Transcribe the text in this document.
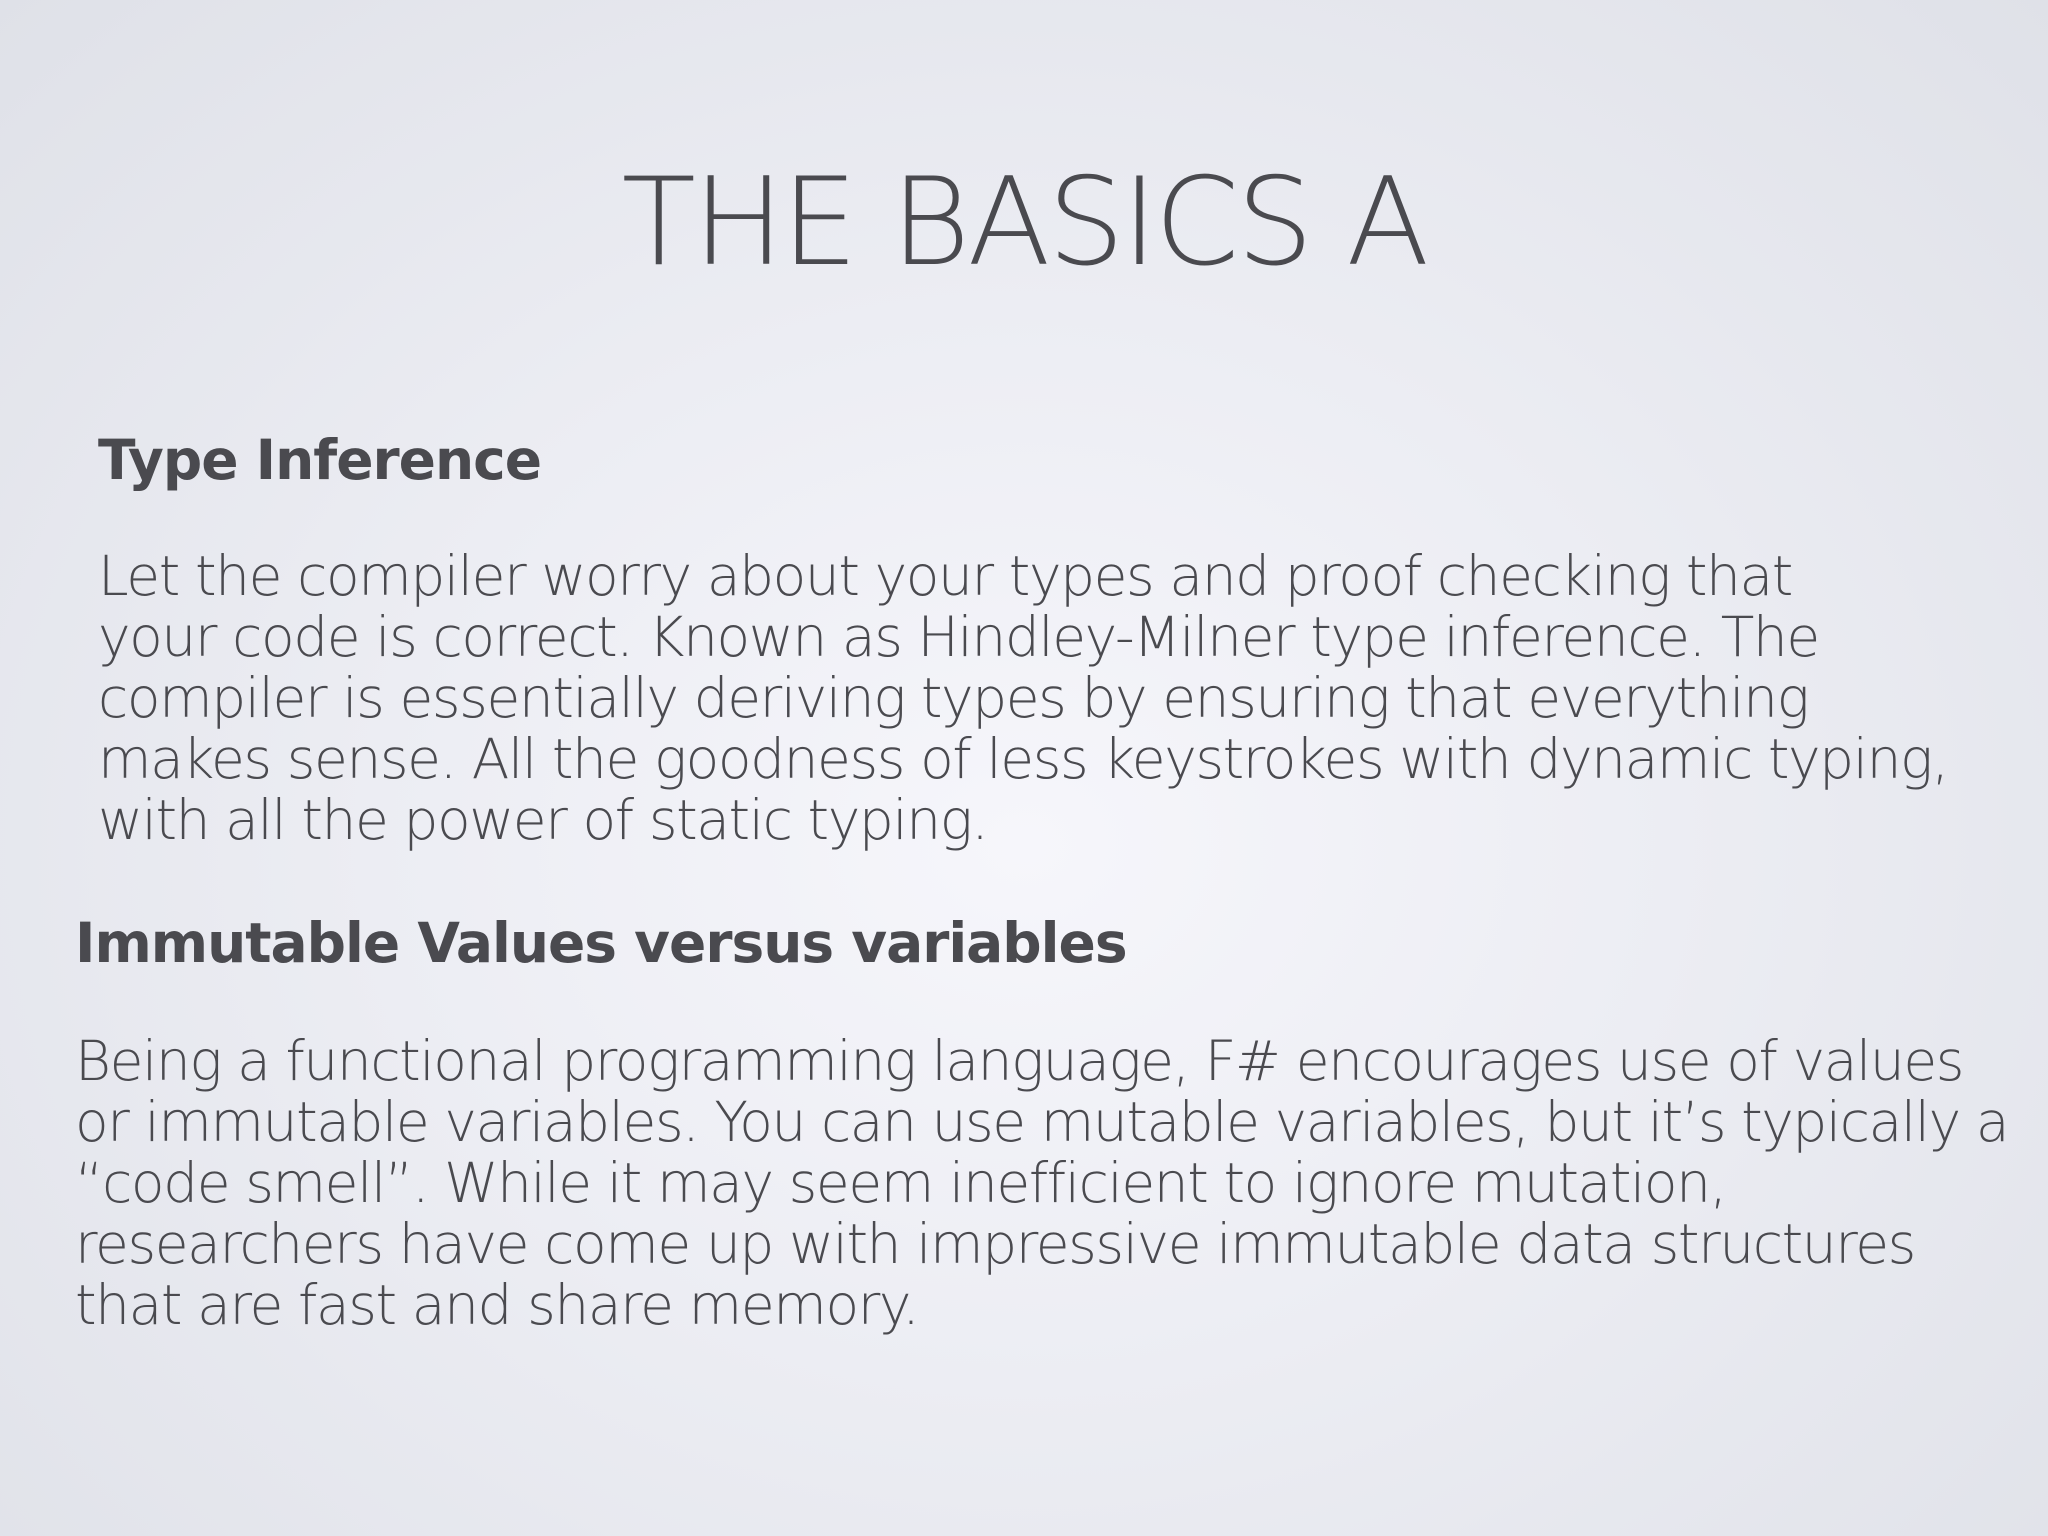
THE BASICS A
Type Inference

Let the compiler worry about your types and proof checking that
your code is correct. Known as Hindley-Milner type inference. The
compiler is essentially deriving types by ensuring that everything
makes sense. All the goodness of less keystrokes with dynamic typing,
with all the power of static typing.

Immutable Values versus variables

Being a functional programming language, F# encourages use of values
or immutable variables. You can use mutable variables, but it’s typically a
“code smell”. While it may seem inefficient to ignore mutation,
researchers have come up with impressive immutable data structures
that are fast and share memory.
